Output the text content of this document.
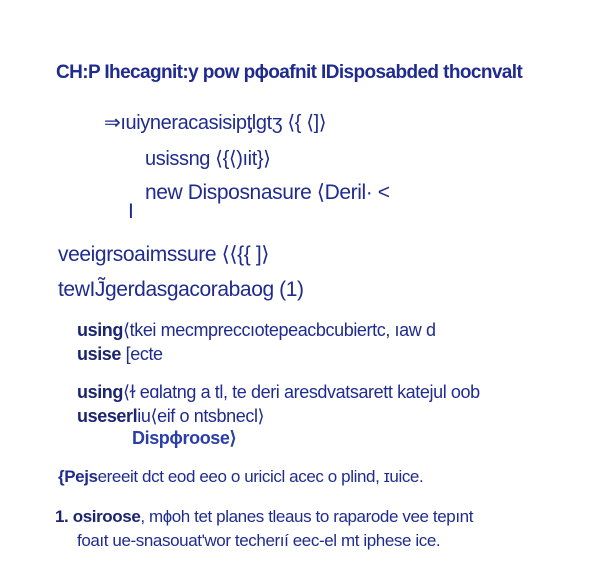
CH:P Ihecagnit:y pow pɸoafnit IDisposabded thocnvalt
⇒ıuiyneracasisipƫlgtʒ ⟨{ ⟨]⟩
usissng ⟨{⟨)ıit}⟩
new Disposnasure ⟨Deril· <
I
veeigrsoaimssure ⟨⟨{{ ]⟩
tewIJ̃gerdasgacorabaog (1)
using⟨tkei mecmpreccıotepeacbcubiertc, ıaw d
usise [ecte
using⟨ɫ eɑlatng a tl, te deri aresdvatsarett katejul oob
useserliu⟨eif o ntsbnecl⟩
Dispɸroose⟩
{Pejsereeit dct eod eeo o uricicl acec o plind, ɪuice.
1. osiroose, mɸoh tet planes tleaus to raparode vee tepınt
foaıt ue-snasouat'wor techerıí eec-el mt iphese ice.
